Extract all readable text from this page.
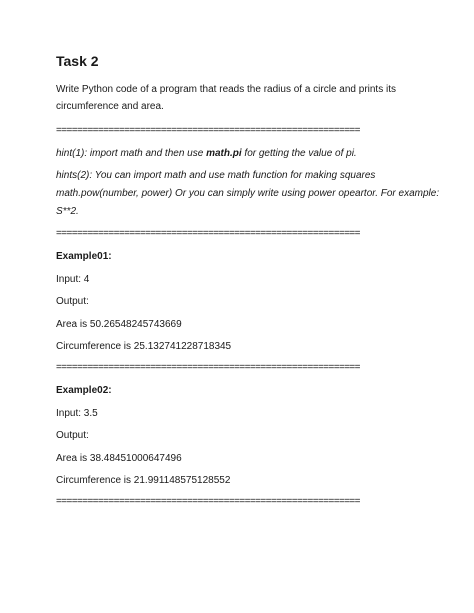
Task 2
Write Python code of a program that reads the radius of a circle and prints its
circumference and area.
==========================================================
hint(1): import math and then use math.pi for getting the value of pi.
hints(2): You can import math and use math function for making squares
math.pow(number, power) Or you can simply write using power opeartor. For example:
S**2.
==========================================================
Example01:
Input: 4
Output:
Area is 50.26548245743669
Circumference is 25.132741228718345
==========================================================
Example02:
Input: 3.5
Output:
Area is 38.48451000647496
Circumference is 21.991148575128552
==========================================================
